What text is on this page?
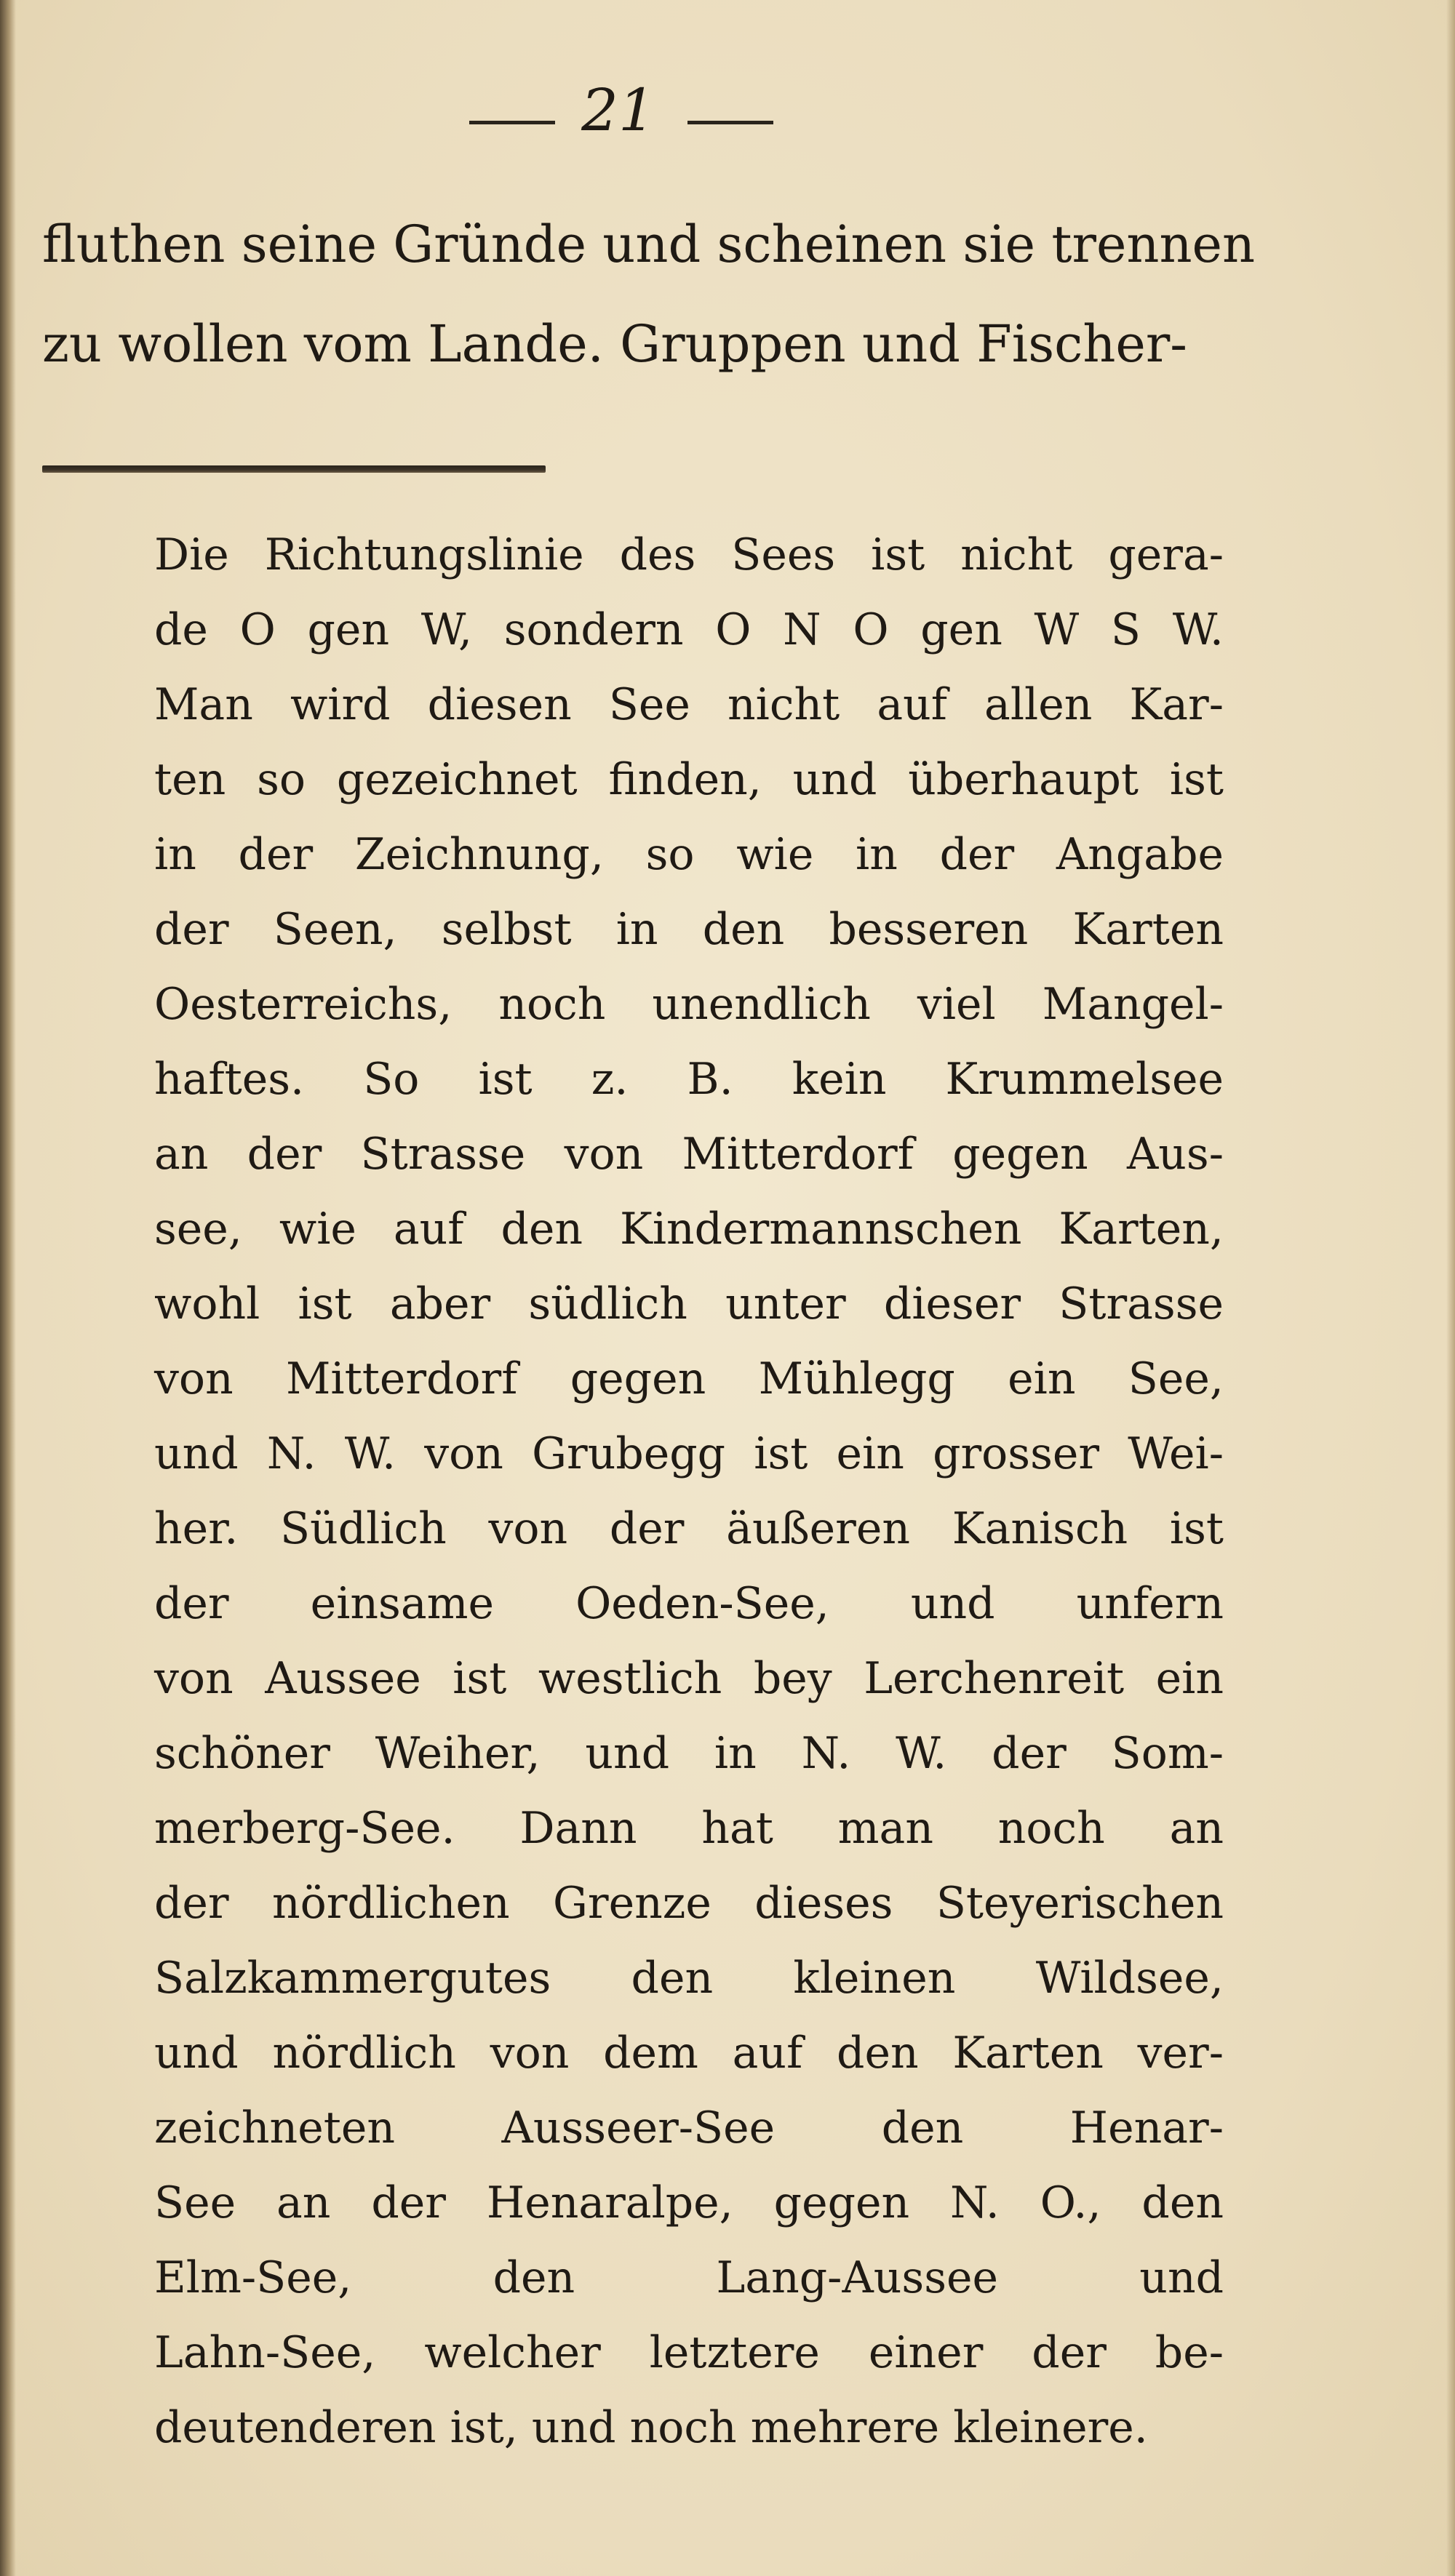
21
fluthen seine Gründe und scheinen sie trennen
zu wollen vom Lande. Gruppen und Fischer-
Die Richtungslinie des Sees ist nicht gera-
de O gen W, sondern O N O gen W S W.
Man wird diesen See nicht auf allen Kar-
ten so gezeichnet finden, und überhaupt ist
in der Zeichnung, so wie in der Angabe
der Seen, selbst in den besseren Karten
Oesterreichs, noch unendlich viel Mangel-
haftes. So ist z. B. kein Krummelsee
an der Strasse von Mitterdorf gegen Aus-
see, wie auf den Kindermannschen Karten,
wohl ist aber südlich unter dieser Strasse
von Mitterdorf gegen Mühlegg ein See,
und N. W. von Grubegg ist ein grosser Wei-
her. Südlich von der äußeren Kanisch ist
der einsame Oeden-See, und unfern
von Aussee ist westlich bey Lerchenreit ein
schöner Weiher, und in N. W. der Som-
merberg-See. Dann hat man noch an
der nördlichen Grenze dieses Steyerischen
Salzkammergutes den kleinen Wildsee,
und nördlich von dem auf den Karten ver-
zeichneten Ausseer-See den Henar-
See an der Henaralpe, gegen N. O., den
Elm-See, den Lang-Aussee und
Lahn-See, welcher letztere einer der be-
deutenderen ist, und noch mehrere kleinere.
